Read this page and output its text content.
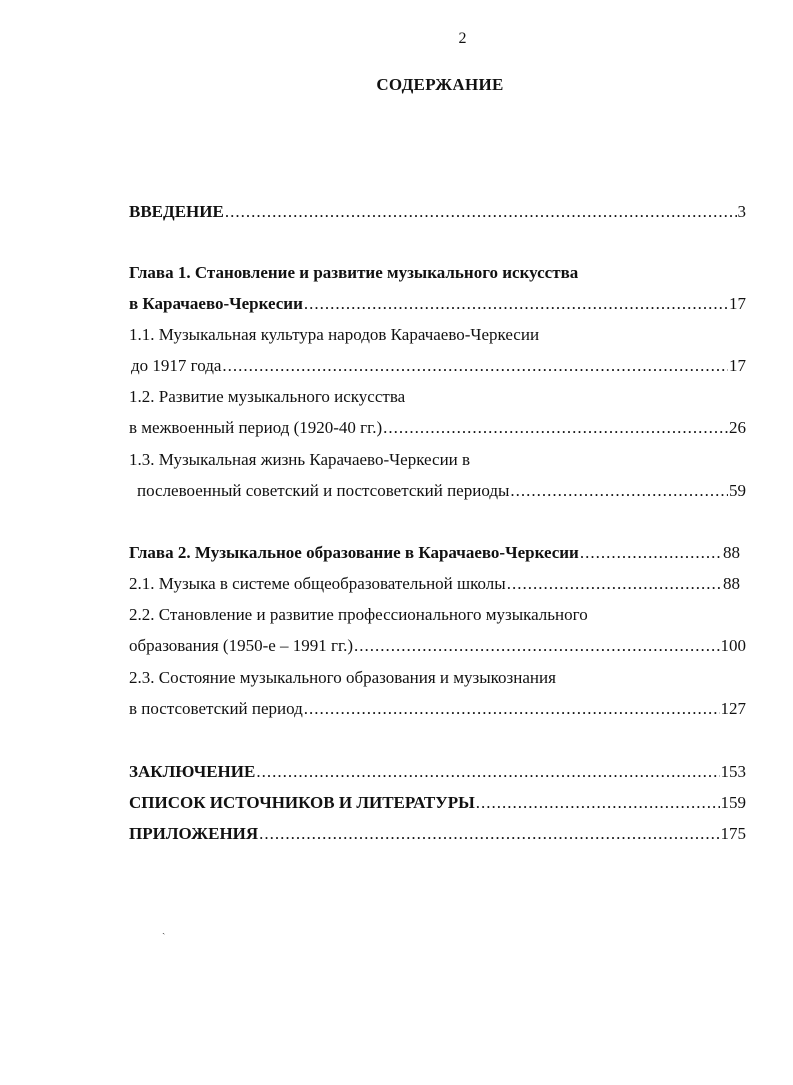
2
СОДЕРЖАНИЕ
ВВЕДЕНИЕ .....	3
Глава 1. Становление и развитие музыкального искусства
в Карачаево-Черкесии .....	17
1.1. Музыкальная культура народов Карачаево-Черкесии
до 1917 года .....	17
1.2. Развитие музыкального искусства
в межвоенный период (1920-40 гг.) .....	26
1.3. Музыкальная жизнь Карачаево-Черкесии в
послевоенный советский и постсоветский периоды .....	59
Глава 2. Музыкальное образование в Карачаево-Черкесии .....	88
2.1. Музыка в системе общеобразовательной школы .....	88
2.2. Становление и развитие профессионального музыкального
образования (1950-е – 1991 гг.) .....	100
2.3. Состояние музыкального образования и музыкознания
в постсоветский период .....	127
ЗАКЛЮЧЕНИЕ .....	153
СПИСОК ИСТОЧНИКОВ И ЛИТЕРАТУРЫ .....	159
ПРИЛОЖЕНИЯ .....	175
ˏ
